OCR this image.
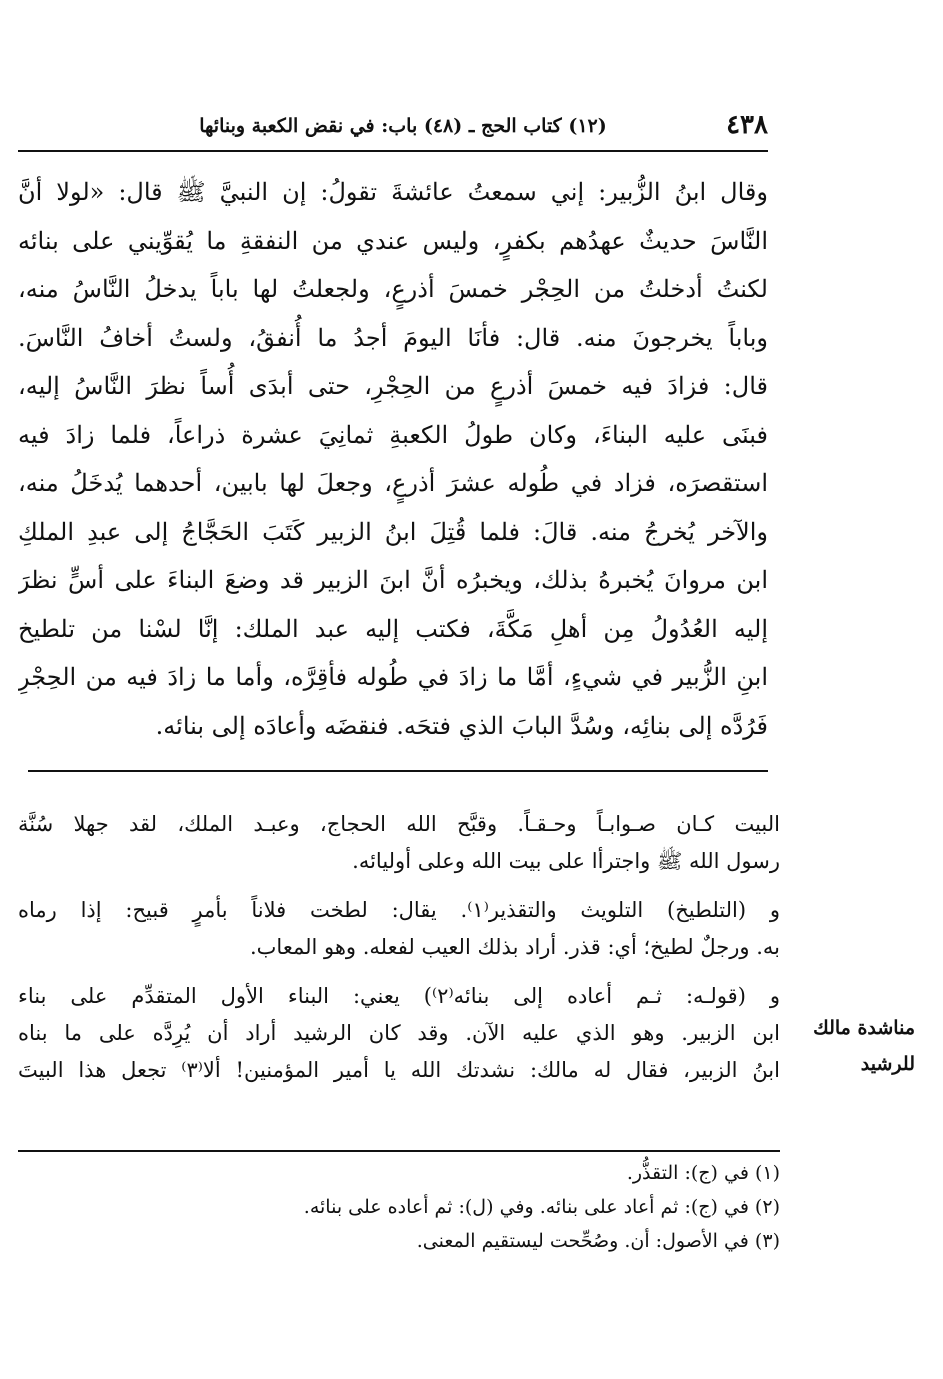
٤٣٨
(١٢) كتاب الحج ـ (٤٨) باب: في نقض الكعبة وبنائها
وقال ابنُ الزُّبير: إني سمعتُ عائشةَ تقولُ: إن النبيَّ ﷺ قال: «لولا أنَّ
النَّاسَ حديثٌ عهدُهم بكفرٍ، وليس عندي من النفقةِ ما يُقوِّيني على بنائه
لكنتُ أدخلتُ من الحِجْر خمسَ أذرعٍ، ولجعلتُ لها باباً يدخلُ النَّاسُ منه،
وباباً يخرجونَ منه. قال: فأنَا اليومَ أجدُ ما أُنفقُ، ولستُ أخافُ النَّاسَ.
قال: فزادَ فيه خمسَ أذرعٍ من الحِجْرِ، حتى أبدَى أُساً نظرَ النَّاسُ إليه،
فبنَى عليه البناءَ، وكان طولُ الكعبةِ ثمانِيَ عشرة ذراعاً، فلما زادَ فيه
استقصرَه، فزاد في طُوله عشرَ أذرعٍ، وجعلَ لها بابين، أحدهما يُدخَلُ منه،
والآخر يُخرجُ منه. قالَ: فلما قُتِلَ ابنُ الزبير كَتَبَ الحَجَّاجُ إلى عبدِ الملكِ
ابن مروانَ يُخبرهُ بذلك، ويخبرُه أنَّ ابنَ الزبير قد وضعَ البناءَ على أسٍّ نظرَ
إليه العُدُولُ مِن أهلِ مَكَّةَ، فكتب إليه عبد الملك: إنَّا لسْنا من تلطيخ
ابنِ الزُّبير في شيءٍ، أمَّا ما زادَ في طُوله فأقِرَّه، وأما ما زادَ فيه من الحِجْرِ
فَرُدَّه إلى بنائِه، وسُدَّ البابَ الذي فتحَه. فنقضَه وأعادَه إلى بنائه.
البيت كـان صـوابـاً وحـقـاً. وقبَّح الله الحجاج، وعبـد الملك، لقد جهلا سُنَّة
رسول الله ﷺ واجترأا على بيت الله وعلى أوليائه.
و (التلطيخ) التلويث والتقذير⁽١⁾. يقال: لطخت فلاناً بأمرٍ قبيح: إذا رماه
به. ورجلٌ لطيخ؛ أي: قذر. أراد بذلك العيب لفعله. وهو المعاب.
و (قولـه: ثـم أعاده إلى بنائه⁽٢⁾) يعني: البناء الأول المتقدِّم على بناء
ابن الزبير. وهو الذي عليه الآن. وقد كان الرشيد أراد أن يُرِدَّه على ما بناه
ابنُ الزبير، فقال له مالك: نشدتك الله يا أمير المؤمنين! ألا⁽٣⁾ تجعل هذا البيتَ
مناشدة مالك
للرشيد
(١) في (ج): التقذُّر.
(٢) في (ج): ثم أعاد على بنائه. وفي (ل): ثم أعاده على بنائه.
(٣) في الأصول: أن. وصُحِّحت ليستقيم المعنى.
